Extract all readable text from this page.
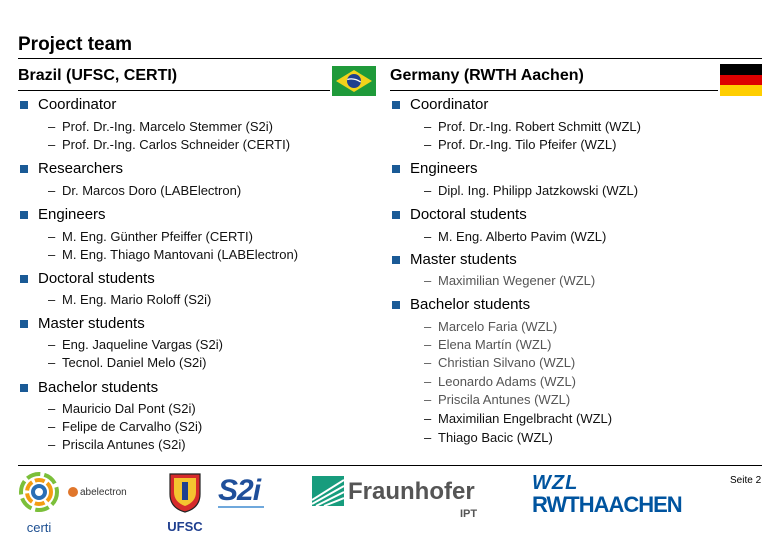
Project team
Brazil (UFSC, CERTI)	Germany (RWTH Aachen)
Coordinator
– Prof. Dr.-Ing. Marcelo Stemmer (S2i)
– Prof. Dr.-Ing. Carlos Schneider (CERTI)
Researchers
– Dr. Marcos Doro (LABElectron)
Engineers
– M. Eng. Günther Pfeiffer (CERTI)
– M. Eng. Thiago Mantovani (LABElectron)
Doctoral students
– M. Eng. Mario Roloff (S2i)
Master students
– Eng. Jaqueline Vargas (S2i)
– Tecnol. Daniel Melo (S2i)
Bachelor students
– Mauricio Dal Pont (S2i)
– Felipe de Carvalho (S2i)
– Priscila Antunes (S2i)
Coordinator
– Prof. Dr.-Ing. Robert Schmitt (WZL)
– Prof. Dr.-Ing. Tilo Pfeifer (WZL)
Engineers
– Dipl. Ing. Philipp Jatzkowski (WZL)
Doctoral students
– M. Eng. Alberto Pavim (WZL)
Master students
– Maximilian Wegener (WZL)
Bachelor students
– Marcelo Faria (WZL)
– Elena Martín (WZL)
– Christian Silvano (WZL)
– Leonardo Adams (WZL)
– Priscila Antunes (WZL)
– Maximilian Engelbracht (WZL)
– Thiago Bacic (WZL)
Seite 2
certi
abelectron
UFSC
S2i	Fraunhofer
IPT
WZL
RWTHAACHEN
